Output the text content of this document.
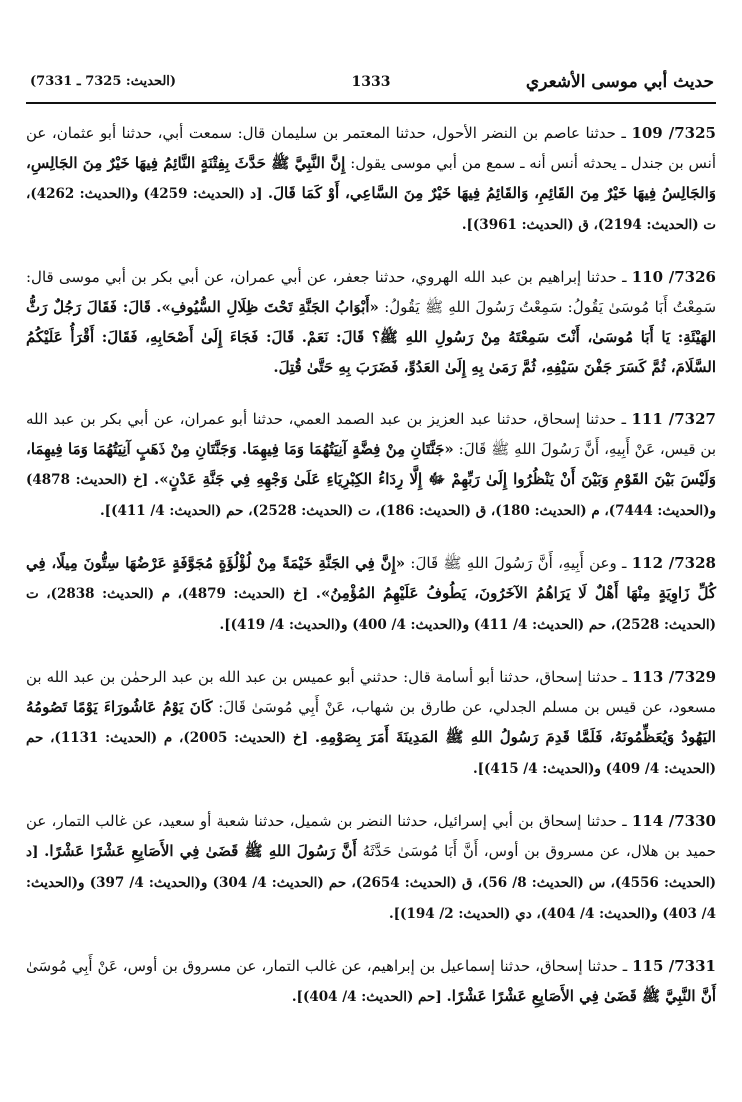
حديث أبي موسى الأشعري
1333
(الحديث: 7325 ـ 7331)

7325/ 109 ـ حدثنا عاصم بن النضر الأحول، حدثنا المعتمر بن سليمان قال: سمعت أبي، حدثنا أبو عثمان، عن أنس بن جندل ـ يحدثه أنس أنه ـ سمع من أبي موسى يقول: إِنَّ النَّبِيَّ ﷺ حَدَّثَ بِفِتْنَةٍ النَّائِمُ فِيهَا خَيْرٌ مِنَ الجَالِسِ، وَالجَالِسُ فِيهَا خَيْرٌ مِنَ القَائِمِ، وَالقَائِمُ فِيهَا خَيْرٌ مِنَ السَّاعِي، أَوْ كَمَا قَالَ. [د (الحديث: 4259) و(الحديث: 4262)، ت (الحديث: 2194)، ق (الحديث: 3961)].

7326/ 110 ـ حدثنا إبراهيم بن عبد الله الهروي، حدثنا جعفر، عن أبي عمران، عن أبي بكر بن أبي موسى قال: سَمِعْتُ أَبَا مُوسَىٰ يَقُولُ: سَمِعْتُ رَسُولَ اللهِ ﷺ يَقُولُ: «أَبْوَابُ الجَنَّةِ تَحْتَ ظِلَالِ السُّيُوفِ». قَالَ: فَقَالَ رَجُلٌ رَثُّ الهَيْئَةِ: يَا أَبَا مُوسَىٰ، أَنْتَ سَمِعْتَهُ مِنْ رَسُولِ اللهِ ﷺ؟ قَالَ: نَعَمْ. قَالَ: فَجَاءَ إِلَىٰ أَصْحَابِهِ، فَقَالَ: أَقْرَأُ عَلَيْكُمُ السَّلَامَ، ثُمَّ كَسَرَ جَفْنَ سَيْفِهِ، ثُمَّ رَمَىٰ بِهِ إِلَىٰ العَدُوِّ، فَضَرَبَ بِهِ حَتَّىٰ قُتِلَ.

7327/ 111 ـ حدثنا إسحاق، حدثنا عبد العزيز بن عبد الصمد العمي، حدثنا أبو عمران، عن أبي بكر بن عبد الله بن قيس، عَنْ أَبِيهِ، أَنَّ رَسُولَ اللهِ ﷺ قَالَ: «جَنَّتَانِ مِنْ فِضَّةٍ آنِيَتُهُمَا وَمَا فِيهِمَا. وَجَنَّتَانِ مِنْ ذَهَبٍ آنِيَتُهُمَا وَمَا فِيهِمَا، وَلَيْسَ بَيْنَ القَوْمِ وَبَيْنَ أَنْ يَنْظُرُوا إِلَىٰ رَبِّهِمْ ﷻ إِلَّا رِدَاءُ الكِبْرِيَاءِ عَلَىٰ وَجْهِهِ فِي جَنَّةِ عَدْنٍ». [خ (الحديث: 4878) و(الحديث: 7444)، م (الحديث: 180)، ق (الحديث: 186)، ت (الحديث: 2528)، حم (الحديث: 4/ 411)].

7328/ 112 ـ وعن أَبِيهِ، أَنَّ رَسُولَ اللهِ ﷺ قَالَ: «إِنَّ فِي الجَنَّةِ خَيْمَةً مِنْ لُؤْلُؤَةٍ مُجَوَّفَةٍ عَرْضُهَا سِتُّونَ مِيلًا، فِي كُلِّ زَاوِيَةٍ مِنْهَا أَهْلٌ لَا يَرَاهُمُ الآخَرُونَ، يَطُوفُ عَلَيْهِمُ المُؤْمِنُ». [خ (الحديث: 4879)، م (الحديث: 2838)، ت (الحديث: 2528)، حم (الحديث: 4/ 411) و(الحديث: 4/ 400) و(الحديث: 4/ 419)].

7329/ 113 ـ حدثنا إسحاق، حدثنا أبو أسامة قال: حدثني أبو عميس بن عبد الله بن عبد الرحمٰن بن عبد الله بن مسعود، عن قيس بن مسلم الجدلي، عن طارق بن شهاب، عَنْ أَبِي مُوسَىٰ قَالَ: كَانَ يَوْمُ عَاشُورَاءَ يَوْمًا تَصُومُهُ اليَهُودُ وَيُعَظِّمُونَهُ، فَلَمَّا قَدِمَ رَسُولُ اللهِ ﷺ المَدِينَةَ أَمَرَ بِصَوْمِهِ. [خ (الحديث: 2005)، م (الحديث: 1131)، حم (الحديث: 4/ 409) و(الحديث: 4/ 415)].

7330/ 114 ـ حدثنا إسحاق بن أبي إسرائيل، حدثنا النضر بن شميل، حدثنا شعبة أو سعيد، عن غالب التمار، عن حميد بن هلال، عن مسروق بن أوس، أَنَّ أَبَا مُوسَىٰ حَدَّثَهُ أَنَّ رَسُولَ اللهِ ﷺ قَضَىٰ فِي الأَصَابِعِ عَشْرًا عَشْرًا. [د (الحديث: 4556)، س (الحديث: 8/ 56)، ق (الحديث: 2654)، حم (الحديث: 4/ 304) و(الحديث: 4/ 397) و(الحديث: 4/ 403) و(الحديث: 4/ 404)، دي (الحديث: 2/ 194)].

7331/ 115 ـ حدثنا إسحاق، حدثنا إسماعيل بن إبراهيم، عن غالب التمار، عن مسروق بن أوس، عَنْ أَبِي مُوسَىٰ أَنَّ النَّبِيَّ ﷺ قَضَىٰ فِي الأَصَابِعِ عَشْرًا عَشْرًا. [حم (الحديث: 4/ 404)].
